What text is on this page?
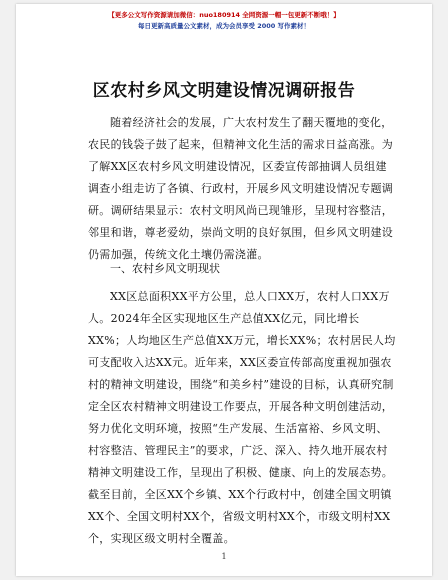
【更多公文写作资源请加微信：nuo180914 全网资源一帽一包更新不断哦！】
每日更新高质量公文素材，成为会员享受 2000 写作素材！
区农村乡风文明建设情况调研报告
随着经济社会的发展，广大农村发生了翻天覆地的变化，农民的钱袋子鼓了起来，但精神文化生活的需求日益高涨。为了解XX区农村乡风文明建设情况，区委宣传部抽调人员组建调查小组走访了各镇、行政村，开展乡风文明建设情况专题调研。调研结果显示：农村文明风尚已现雏形，呈现村容整洁，邻里和谐，尊老爱幼，崇尚文明的良好氛围，但乡风文明建设仍需加强，传统文化土壤仍需浇灌。
一、农村乡风文明现状
XX区总面积XX平方公里，总人口XX万，农村人口XX万人。2024年全区实现地区生产总值XX亿元，同比增长XX%；人均地区生产总值XX万元，增长XX%；农村居民人均可支配收入达XX元。近年来，XX区委宣传部高度重视加强农村的精神文明建设，围绕“和美乡村”建设的目标，认真研究制定全区农村精神文明建设工作要点，开展各种文明创建活动，努力优化文明环境，按照“生产发展、生活富裕、乡风文明、村容整洁、管理民主”的要求，广泛、深入、持久地开展农村精神文明建设工作，呈现出了积极、健康、向上的发展态势。截至目前，全区XX个乡镇、XX个行政村中，创建全国文明镇XX个、全国文明村XX个，省级文明村XX个，市级文明村XX个，实现区级文明村全覆盖。
1
